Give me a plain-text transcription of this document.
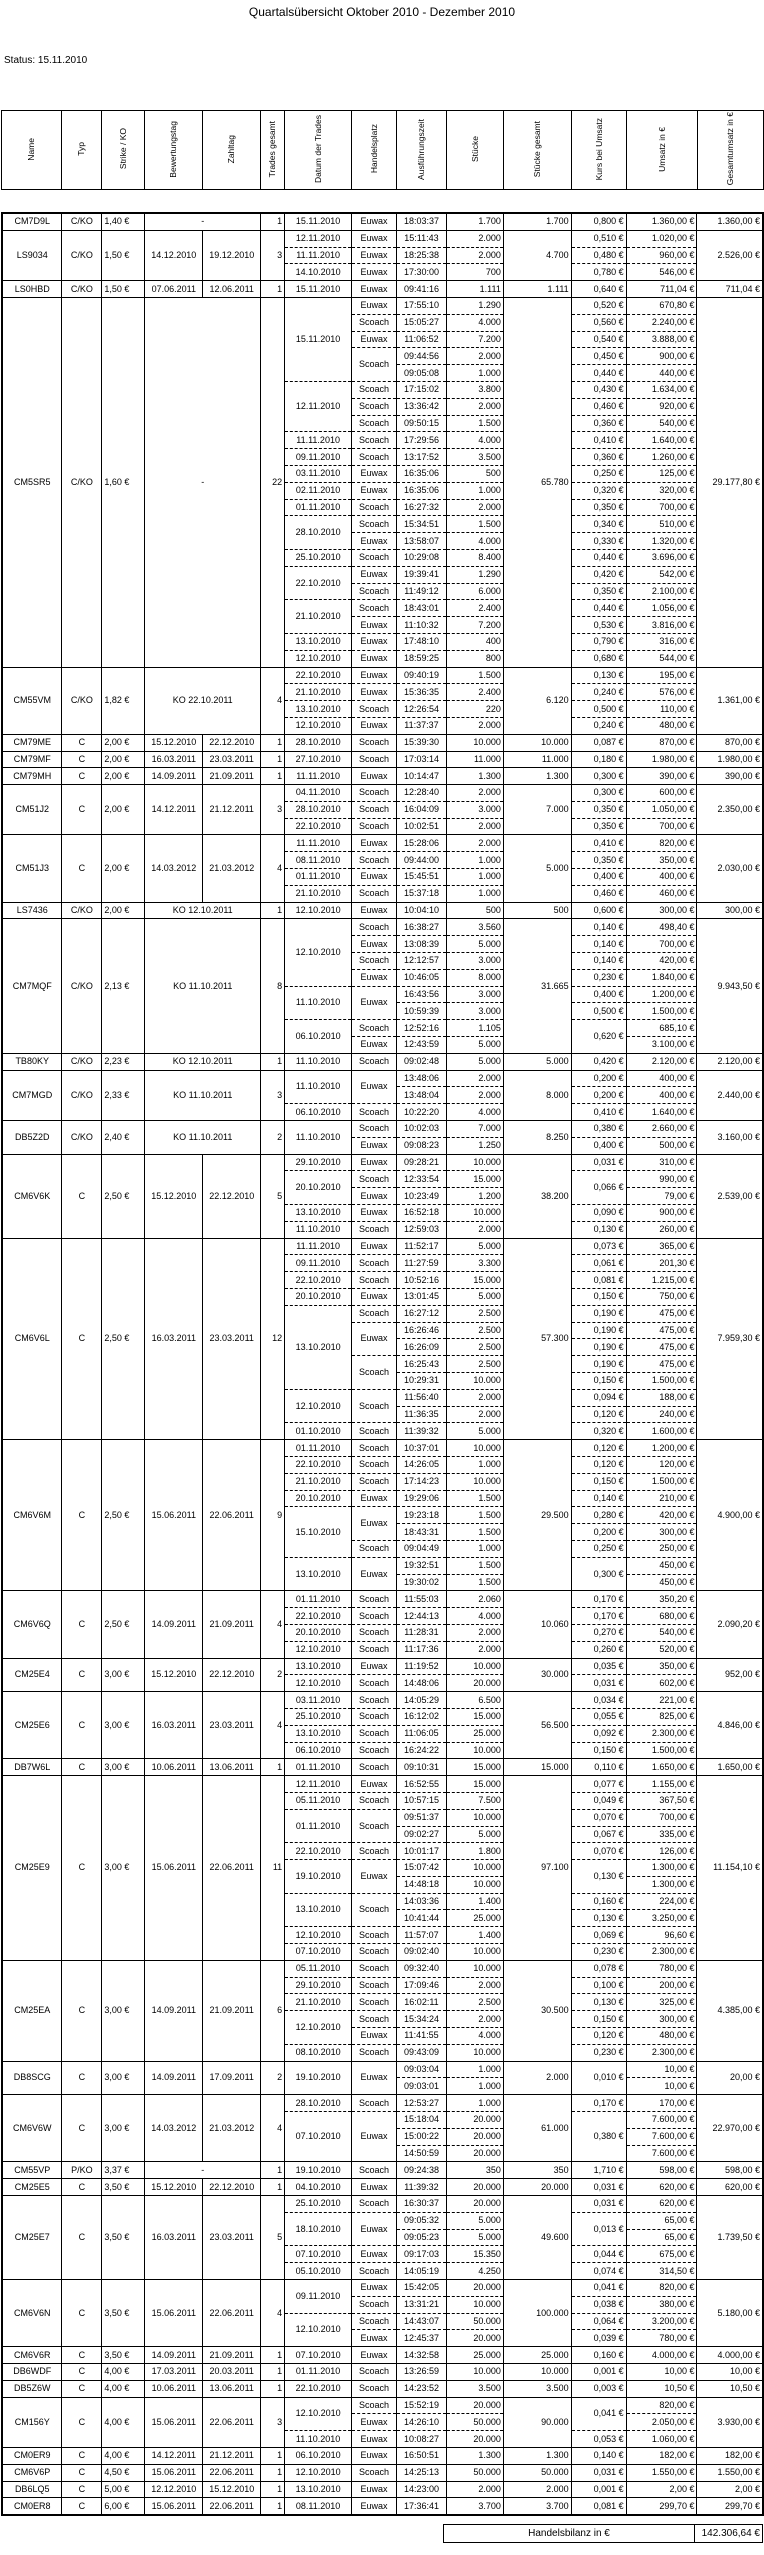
Quartalsübersicht Oktober 2010 - Dezember 2010
Status: 15.11.2010
Name	Typ	Strike / KO	Bewertungstag	Zahltag	Trades gesamt	Datum der Trades	Handelsplatz	Ausführungszeit	Stücke	Stücke gesamt	Kurs bei Umsatz	Umsatz in €	Gesamtumsatz in €
CM7D9L	C/KO	1,40 €	-		1	15.11.2010	Euwax	18:03:37	1.700	1.700	0,800 €	1.360,00 €	1.360,00 €
LS9034	C/KO	1,50 €	14.12.2010	19.12.2010	3	12.11.2010	Euwax	15:11:43	2.000	4.700	0,510 €	1.020,00 €	2.526,00 €
						11.11.2010	Euwax	18:25:38	2.000		0,480 €	960,00 €	
						14.10.2010	Euwax	17:30:00	700		0,780 €	546,00 €	
LS0HBD	C/KO	1,50 €	07.06.2011	12.06.2011	1	15.11.2010	Euwax	09:41:16	1.111	1.111	0,640 €	711,04 €	711,04 €
CM5SR5	C/KO	1,60 €	-		22	15.11.2010	Euwax	17:55:10	1.290	65.780	0,520 €	670,80 €	29.177,80 €
							Scoach	15:05:27	4.000		0,560 €	2.240,00 €	
							Euwax	11:06:52	7.200		0,540 €	3.888,00 €	
							Scoach	09:44:56	2.000		0,450 €	900,00 €	
								09:05:08	1.000		0,440 €	440,00 €	
						12.11.2010	Scoach	17:15:02	3.800		0,430 €	1.634,00 €	
							Scoach	13:36:42	2.000		0,460 €	920,00 €	
							Scoach	09:50:15	1.500		0,360 €	540,00 €	
						11.11.2010	Scoach	17:29:56	4.000		0,410 €	1.640,00 €	
						09.11.2010	Scoach	13:17:52	3.500		0,360 €	1.260,00 €	
						03.11.2010	Euwax	16:35:06	500		0,250 €	125,00 €	
						02.11.2010	Euwax	16:35:06	1.000		0,320 €	320,00 €	
						01.11.2010	Scoach	16:27:32	2.000		0,350 €	700,00 €	
						28.10.2010	Scoach	15:34:51	1.500		0,340 €	510,00 €	
							Euwax	13:58:07	4.000		0,330 €	1.320,00 €	
						25.10.2010	Scoach	10:29:08	8.400		0,440 €	3.696,00 €	
						22.10.2010	Euwax	19:39:41	1.290		0,420 €	542,00 €	
							Scoach	11:49:12	6.000		0,350 €	2.100,00 €	
						21.10.2010	Scoach	18:43:01	2.400		0,440 €	1.056,00 €	
							Euwax	11:10:32	7.200		0,530 €	3.816,00 €	
						13.10.2010	Euwax	17:48:10	400		0,790 €	316,00 €	
						12.10.2010	Euwax	18:59:25	800		0,680 €	544,00 €	
CM55VM	C/KO	1,82 €	KO 22.10.2011		4	22.10.2010	Euwax	09:40:19	1.500	6.120	0,130 €	195,00 €	1.361,00 €
						21.10.2010	Euwax	15:36:35	2.400		0,240 €	576,00 €	
						13.10.2010	Scoach	12:26:54	220		0,500 €	110,00 €	
						12.10.2010	Euwax	11:37:37	2.000		0,240 €	480,00 €	
CM79ME	C	2,00 €	15.12.2010	22.12.2010	1	28.10.2010	Scoach	15:39:30	10.000	10.000	0,087 €	870,00 €	870,00 €
CM79MF	C	2,00 €	16.03.2011	23.03.2011	1	27.10.2010	Scoach	17:03:14	11.000	11.000	0,180 €	1.980,00 €	1.980,00 €
CM79MH	C	2,00 €	14.09.2011	21.09.2011	1	11.11.2010	Euwax	10:14:47	1.300	1.300	0,300 €	390,00 €	390,00 €
CM51J2	C	2,00 €	14.12.2011	21.12.2011	3	04.11.2010	Scoach	12:28:40	2.000	7.000	0,300 €	600,00 €	2.350,00 €
						28.10.2010	Scoach	16:04:09	3.000		0,350 €	1.050,00 €	
						22.10.2010	Scoach	10:02:51	2.000		0,350 €	700,00 €	
CM51J3	C	2,00 €	14.03.2012	21.03.2012	4	11.11.2010	Euwax	15:28:06	2.000	5.000	0,410 €	820,00 €	2.030,00 €
						08.11.2010	Scoach	09:44:00	1.000		0,350 €	350,00 €	
						01.11.2010	Euwax	15:45:51	1.000		0,400 €	400,00 €	
						21.10.2010	Scoach	15:37:18	1.000		0,460 €	460,00 €	
LS7436	C/KO	2,00 €	KO 12.10.2011		1	12.10.2010	Euwax	10:04:10	500	500	0,600 €	300,00 €	300,00 €
CM7MQF	C/KO	2,13 €	KO 11.10.2011		8	12.10.2010	Scoach	16:38:27	3.560	31.665	0,140 €	498,40 €	9.943,50 €
							Euwax	13:08:39	5.000		0,140 €	700,00 €	
							Scoach	12:12:57	3.000		0,140 €	420,00 €	
							Euwax	10:46:05	8.000		0,230 €	1.840,00 €	
						11.10.2010	Euwax	16:43:56	3.000		0,400 €	1.200,00 €	
								10:59:39	3.000		0,500 €	1.500,00 €	
						06.10.2010	Scoach	12:52:16	1.105		0,620 €	685,10 €	
							Euwax	12:43:59	5.000			3.100,00 €	
TB80KY	C/KO	2,23 €	KO 12.10.2011		1	11.10.2010	Scoach	09:02:48	5.000	5.000	0,420 €	2.120,00 €	2.120,00 €
CM7MGD	C/KO	2,33 €	KO 11.10.2011		3	11.10.2010	Euwax	13:48:06	2.000	8.000	0,200 €	400,00 €	2.440,00 €
								13:48:04	2.000		0,200 €	400,00 €	
						06.10.2010	Scoach	10:22:20	4.000		0,410 €	1.640,00 €	
DB5Z2D	C/KO	2,40 €	KO 11.10.2011		2	11.10.2010	Scoach	10:02:03	7.000	8.250	0,380 €	2.660,00 €	3.160,00 €
							Euwax	09:08:23	1.250		0,400 €	500,00 €	
CM6V6K	C	2,50 €	15.12.2010	22.12.2010	5	29.10.2010	Euwax	09:28:21	10.000	38.200	0,031 €	310,00 €	2.539,00 €
						20.10.2010	Scoach	12:33:54	15.000		0,066 €	990,00 €	
							Euwax	10:23:49	1.200			79,00 €	
						13.10.2010	Euwax	16:52:18	10.000		0,090 €	900,00 €	
						11.10.2010	Scoach	12:59:03	2.000		0,130 €	260,00 €	
CM6V6L	C	2,50 €	16.03.2011	23.03.2011	12	11.11.2010	Euwax	11:52:17	5.000	57.300	0,073 €	365,00 €	7.959,30 €
						09.11.2010	Scoach	11:27:59	3.300		0,061 €	201,30 €	
						22.10.2010	Scoach	10:52:16	15.000		0,081 €	1.215,00 €	
						20.10.2010	Euwax	13:01:45	5.000		0,150 €	750,00 €	
						13.10.2010	Scoach	16:27:12	2.500		0,190 €	475,00 €	
							Euwax	16:26:46	2.500		0,190 €	475,00 €	
								16:26:09	2.500		0,190 €	475,00 €	
							Scoach	16:25:43	2.500		0,190 €	475,00 €	
								10:29:31	10.000		0,150 €	1.500,00 €	
						12.10.2010	Scoach	11:56:40	2.000		0,094 €	188,00 €	
								11:36:35	2.000		0,120 €	240,00 €	
						01.10.2010	Scoach	11:39:32	5.000		0,320 €	1.600,00 €	
CM6V6M	C	2,50 €	15.06.2011	22.06.2011	9	01.11.2010	Scoach	10:37:01	10.000	29.500	0,120 €	1.200,00 €	4.900,00 €
						22.10.2010	Scoach	14:26:05	1.000		0,120 €	120,00 €	
						21.10.2010	Scoach	17:14:23	10.000		0,150 €	1.500,00 €	
						20.10.2010	Euwax	19:29:06	1.500		0,140 €	210,00 €	
						15.10.2010	Euwax	19:23:18	1.500		0,280 €	420,00 €	
								18:43:31	1.500		0,200 €	300,00 €	
							Scoach	09:04:49	1.000		0,250 €	250,00 €	
						13.10.2010	Euwax	19:32:51	1.500		0,300 €	450,00 €	
								19:30:02	1.500			450,00 €	
CM6V6Q	C	2,50 €	14.09.2011	21.09.2011	4	01.11.2010	Scoach	11:55:03	2.060	10.060	0,170 €	350,20 €	2.090,20 €
						22.10.2010	Scoach	12:44:13	4.000		0,170 €	680,00 €	
						20.10.2010	Scoach	11:28:31	2.000		0,270 €	540,00 €	
						12.10.2010	Scoach	11:17:36	2.000		0,260 €	520,00 €	
CM25E4	C	3,00 €	15.12.2010	22.12.2010	2	13.10.2010	Euwax	11:19:52	10.000	30.000	0,035 €	350,00 €	952,00 €
						12.10.2010	Scoach	14:48:06	20.000		0,031 €	602,00 €	
CM25E6	C	3,00 €	16.03.2011	23.03.2011	4	03.11.2010	Scoach	14:05:29	6.500	56.500	0,034 €	221,00 €	4.846,00 €
						25.10.2010	Scoach	16:12:02	15.000		0,055 €	825,00 €	
						13.10.2010	Scoach	11:06:05	25.000		0,092 €	2.300,00 €	
						06.10.2010	Scoach	16:24:22	10.000		0,150 €	1.500,00 €	
DB7W6L	C	3,00 €	10.06.2011	13.06.2011	1	01.11.2010	Scoach	09:10:31	15.000	15.000	0,110 €	1.650,00 €	1.650,00 €
CM25E9	C	3,00 €	15.06.2011	22.06.2011	11	12.11.2010	Euwax	16:52:55	15.000	97.100	0,077 €	1.155,00 €	11.154,10 €
						05.11.2010	Scoach	10:57:15	7.500		0,049 €	367,50 €	
						01.11.2010	Scoach	09:51:37	10.000		0,070 €	700,00 €	
								09:02:27	5.000		0,067 €	335,00 €	
						22.10.2010	Scoach	10:01:17	1.800		0,070 €	126,00 €	
						19.10.2010	Euwax	15:07:42	10.000		0,130 €	1.300,00 €	
								14:48:18	10.000			1.300,00 €	
						13.10.2010	Scoach	14:03:36	1.400		0,160 €	224,00 €	
								10:41:44	25.000		0,130 €	3.250,00 €	
						12.10.2010	Scoach	11:57:07	1.400		0,069 €	96,60 €	
						07.10.2010	Scoach	09:02:40	10.000		0,230 €	2.300,00 €	
CM25EA	C	3,00 €	14.09.2011	21.09.2011	6	05.11.2010	Scoach	09:32:40	10.000	30.500	0,078 €	780,00 €	4.385,00 €
						29.10.2010	Scoach	17:09:46	2.000		0,100 €	200,00 €	
						21.10.2010	Scoach	16:02:11	2.500		0,130 €	325,00 €	
						12.10.2010	Scoach	15:34:24	2.000		0,150 €	300,00 €	
							Euwax	11:41:55	4.000		0,120 €	480,00 €	
						08.10.2010	Scoach	09:43:09	10.000		0,230 €	2.300,00 €	
DB8SCG	C	3,00 €	14.09.2011	17.09.2011	2	19.10.2010	Euwax	09:03:04	1.000	2.000	0,010 €	10,00 €	20,00 €
								09:03:01	1.000			10,00 €	
CM6V6W	C	3,00 €	14.03.2012	21.03.2012	4	28.10.2010	Scoach	12:53:27	1.000	61.000	0,170 €	170,00 €	22.970,00 €
						07.10.2010	Euwax	15:18:04	20.000		0,380 €	7.600,00 €	
								15:00:22	20.000			7.600,00 €	
								14:50:59	20.000			7.600,00 €	
CM55VP	P/KO	3,37 €	-		1	19.10.2010	Scoach	09:24:38	350	350	1,710 €	598,00 €	598,00 €
CM25E5	C	3,50 €	15.12.2010	22.12.2010	1	04.10.2010	Euwax	11:39:32	20.000	20.000	0,031 €	620,00 €	620,00 €
CM25E7	C	3,50 €	16.03.2011	23.03.2011	5	25.10.2010	Scoach	16:30:37	20.000	49.600	0,031 €	620,00 €	1.739,50 €
						18.10.2010	Euwax	09:05:32	5.000		0,013 €	65,00 €	
								09:05:23	5.000			65,00 €	
						07.10.2010	Euwax	09:17:03	15.350		0,044 €	675,00 €	
						05.10.2010	Scoach	14:05:19	4.250		0,074 €	314,50 €	
CM6V6N	C	3,50 €	15.06.2011	22.06.2011	4	09.11.2010	Euwax	15:42:05	20.000	100.000	0,041 €	820,00 €	5.180,00 €
							Scoach	13:31:21	10.000		0,038 €	380,00 €	
						12.10.2010	Scoach	14:43:07	50.000		0,064 €	3.200,00 €	
							Euwax	12:45:37	20.000		0,039 €	780,00 €	
CM6V6R	C	3,50 €	14.09.2011	21.09.2011	1	07.10.2010	Euwax	14:32:58	25.000	25.000	0,160 €	4.000,00 €	4.000,00 €
DB6WDF	C	4,00 €	17.03.2011	20.03.2011	1	01.11.2010	Scoach	13:26:59	10.000	10.000	0,001 €	10,00 €	10,00 €
DB5Z6W	C	4,00 €	10.06.2011	13.06.2011	1	22.10.2010	Scoach	14:23:52	3.500	3.500	0,003 €	10,50 €	10,50 €
CM156Y	C	4,00 €	15.06.2011	22.06.2011	3	12.10.2010	Scoach	15:52:19	20.000	90.000	0,041 €	820,00 €	3.930,00 €
							Euwax	14:26:10	50.000			2.050,00 €	
						11.10.2010	Euwax	10:08:27	20.000		0,053 €	1.060,00 €	
CM0ER9	C	4,00 €	14.12.2011	21.12.2011	1	06.10.2010	Euwax	16:50:51	1.300	1.300	0,140 €	182,00 €	182,00 €
CM6V6P	C	4,50 €	15.06.2011	22.06.2011	1	12.10.2010	Scoach	14:25:13	50.000	50.000	0,031 €	1.550,00 €	1.550,00 €
DB6LQ5	C	5,00 €	12.12.2010	15.12.2010	1	13.10.2010	Euwax	14:23:00	2.000	2.000	0,001 €	2,00 €	2,00 €
CM0ER8	C	6,00 €	15.06.2011	22.06.2011	1	08.11.2010	Euwax	17:36:41	3.700	3.700	0,081 €	299,70 €	299,70 €
Handelsbilanz in €	142.306,64 €
